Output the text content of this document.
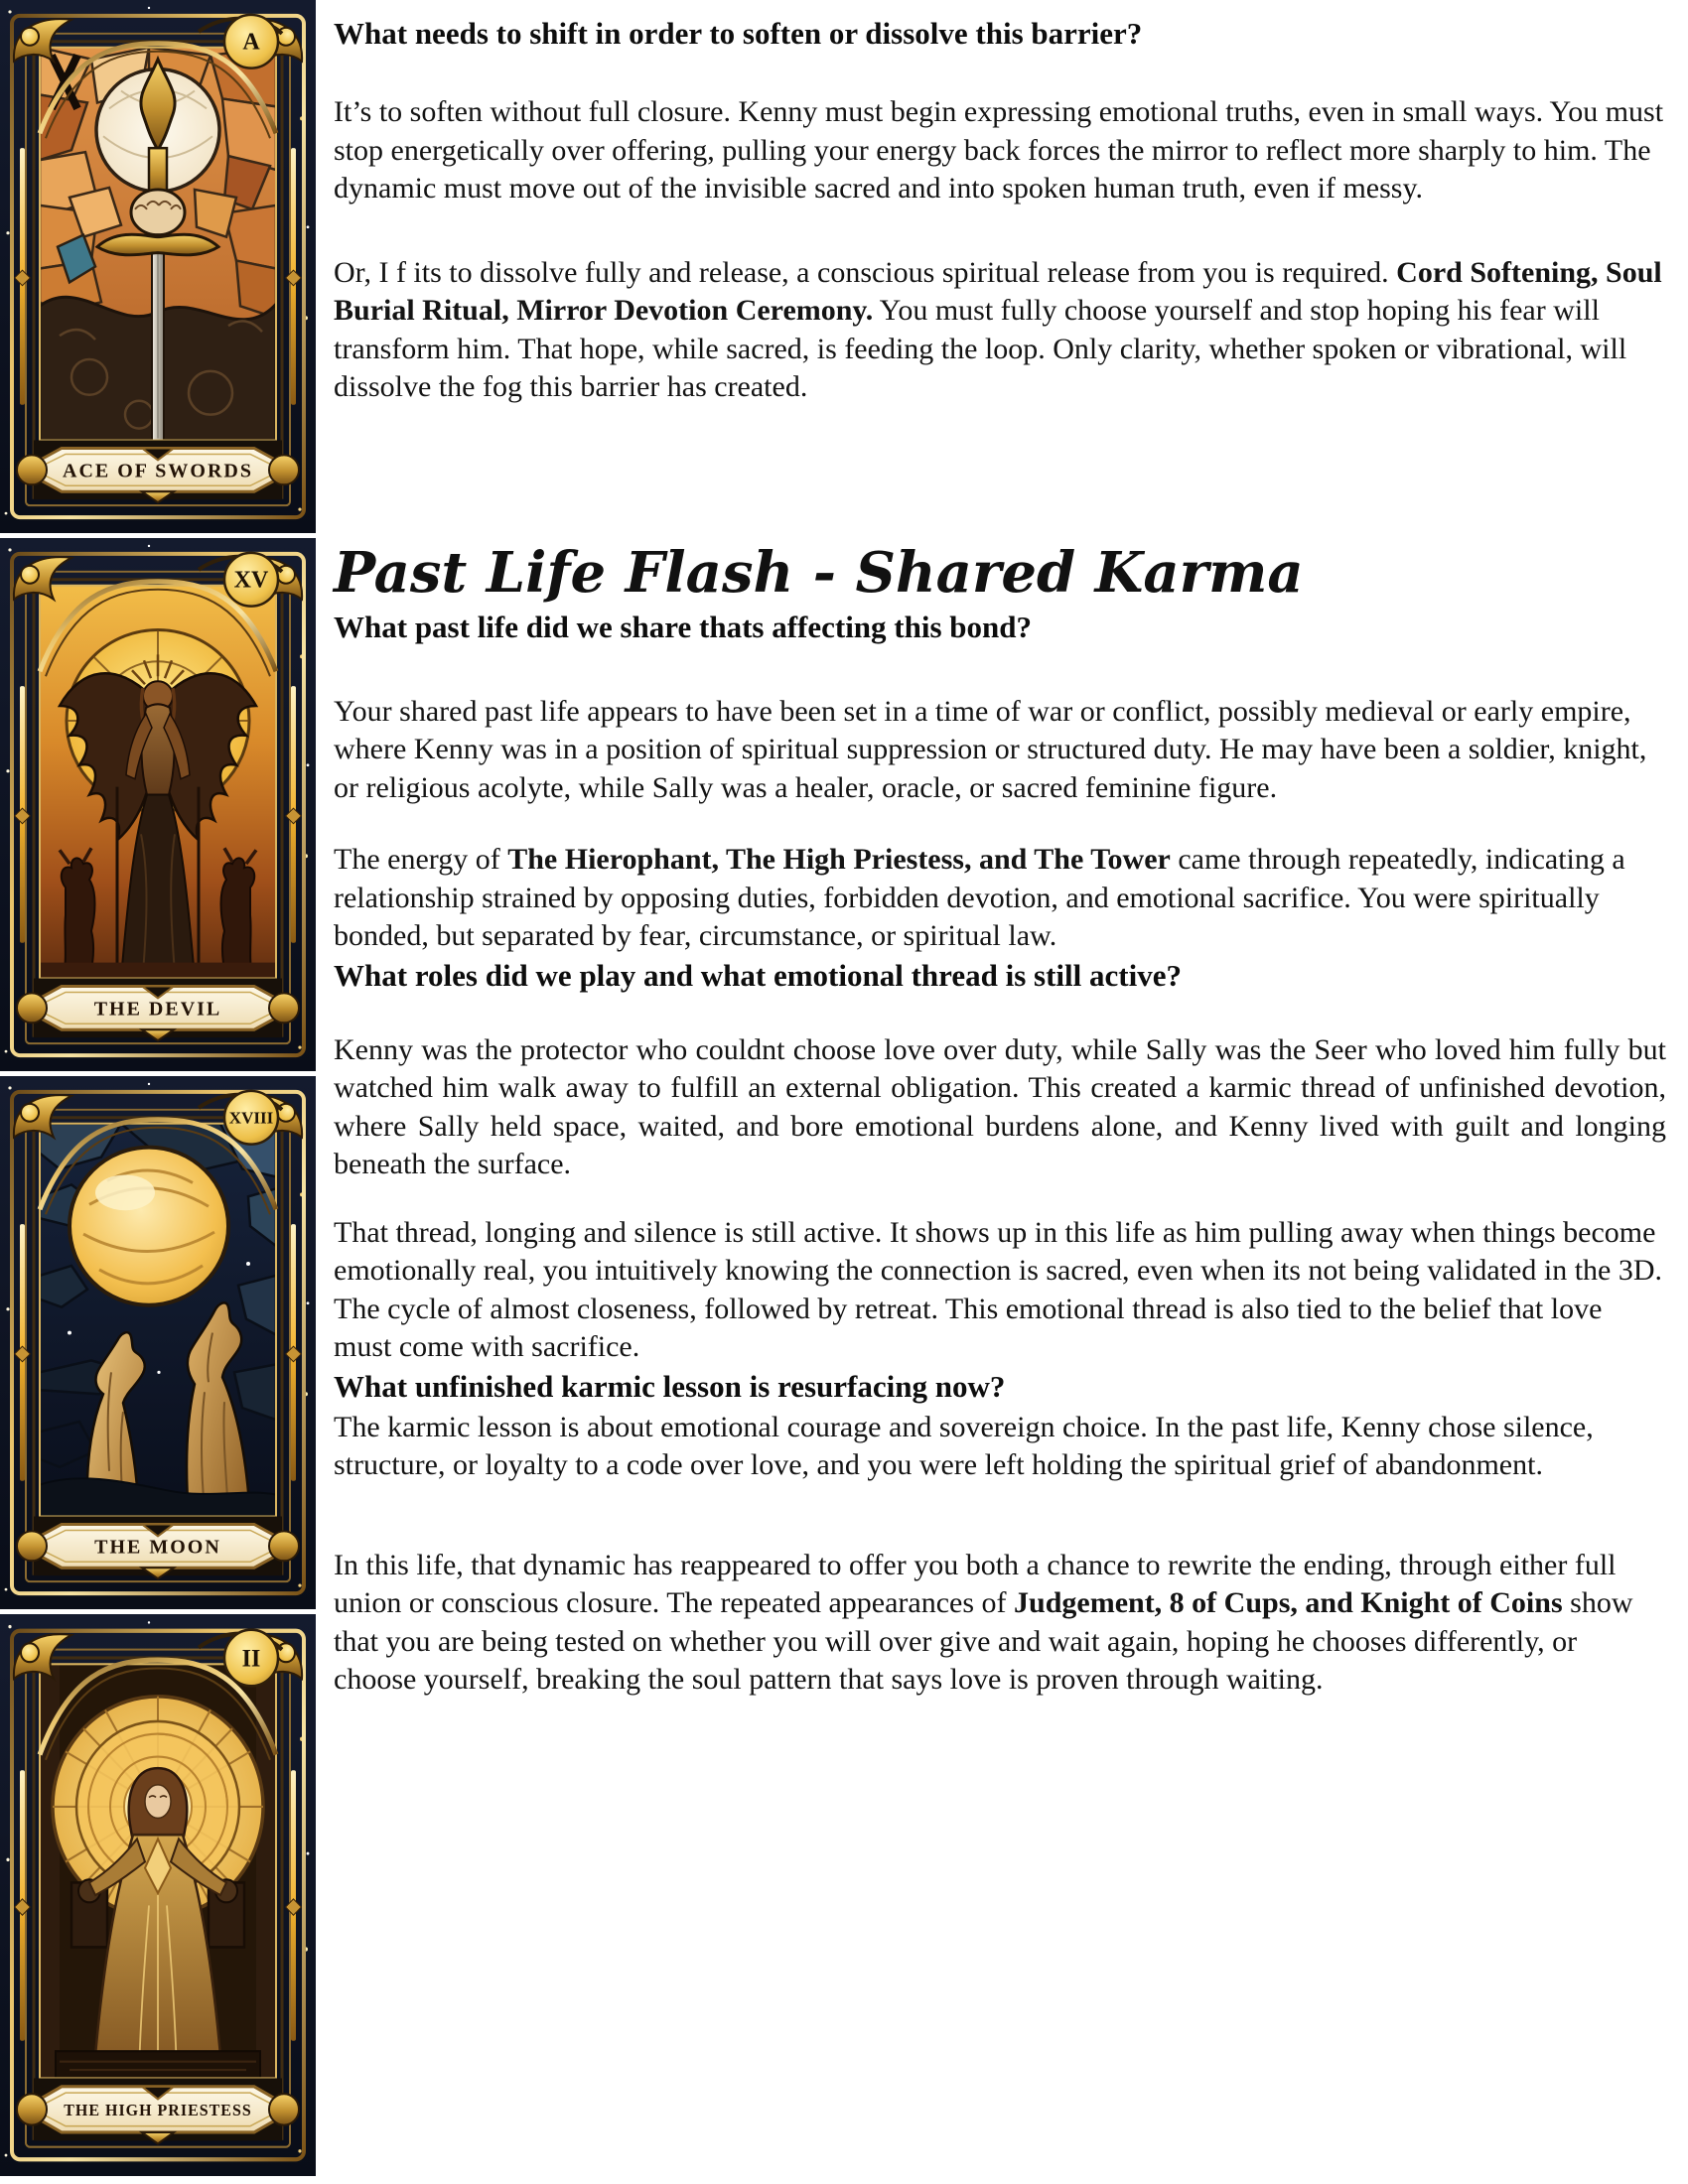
A
ACE OF SWORDS
XV
THE DEVIL
XVIII
THE MOON
II
THE HIGH PRIESTESS
What needs to shift in order to soften or dissolve this barrier?

It’s to soften without full closure. Kenny must begin expressing emotional truths, even in small ways. You must stop energetically over offering, pulling your energy back forces the mirror to reflect more sharply to him. The dynamic must move out of the invisible sacred and into spoken human truth, even if messy.

Or, I f its to dissolve fully and release, a conscious spiritual release from you is required. Cord Softening, Soul Burial Ritual, Mirror Devotion Ceremony. You must fully choose yourself and stop hoping his fear will transform him. That hope, while sacred, is feeding the loop. Only clarity, whether spoken or vibrational, will dissolve the fog this barrier has created.

Past Life Flash - Shared Karma
What past life did we share thats affecting this bond?

Your shared past life appears to have been set in a time of war or conflict, possibly medieval or early empire, where Kenny was in a position of spiritual suppression or structured duty. He may have been a soldier, knight, or religious acolyte, while Sally was a healer, oracle, or sacred feminine figure.

The energy of The Hierophant, The High Priestess, and The Tower came through repeatedly, indicating a relationship strained by opposing duties, forbidden devotion, and emotional sacrifice. You were spiritually bonded, but separated by fear, circumstance, or spiritual law.

What roles did we play and what emotional thread is still active?

Kenny was the protector who couldnt choose love over duty, while Sally was the Seer who loved him fully but watched him walk away to fulfill an external obligation. This created a karmic thread of unfinished devotion, where Sally held space, waited, and bore emotional burdens alone, and Kenny lived with guilt and longing beneath the surface.

That thread, longing and silence is still active. It shows up in this life as him pulling away when things become emotionally real, you intuitively knowing the connection is sacred, even when its not being validated in the 3D. The cycle of almost closeness, followed by retreat. This emotional thread is also tied to the belief that love must come with sacrifice.

What unfinished karmic lesson is resurfacing now?

The karmic lesson is about emotional courage and sovereign choice. In the past life, Kenny chose silence, structure, or loyalty to a code over love, and you were left holding the spiritual grief of abandonment.

In this life, that dynamic has reappeared to offer you both a chance to rewrite the ending, through either full union or conscious closure. The repeated appearances of Judgement, 8 of Cups, and Knight of Coins show that you are being tested on whether you will over give and wait again, hoping he chooses differently, or choose yourself, breaking the soul pattern that says love is proven through waiting.
